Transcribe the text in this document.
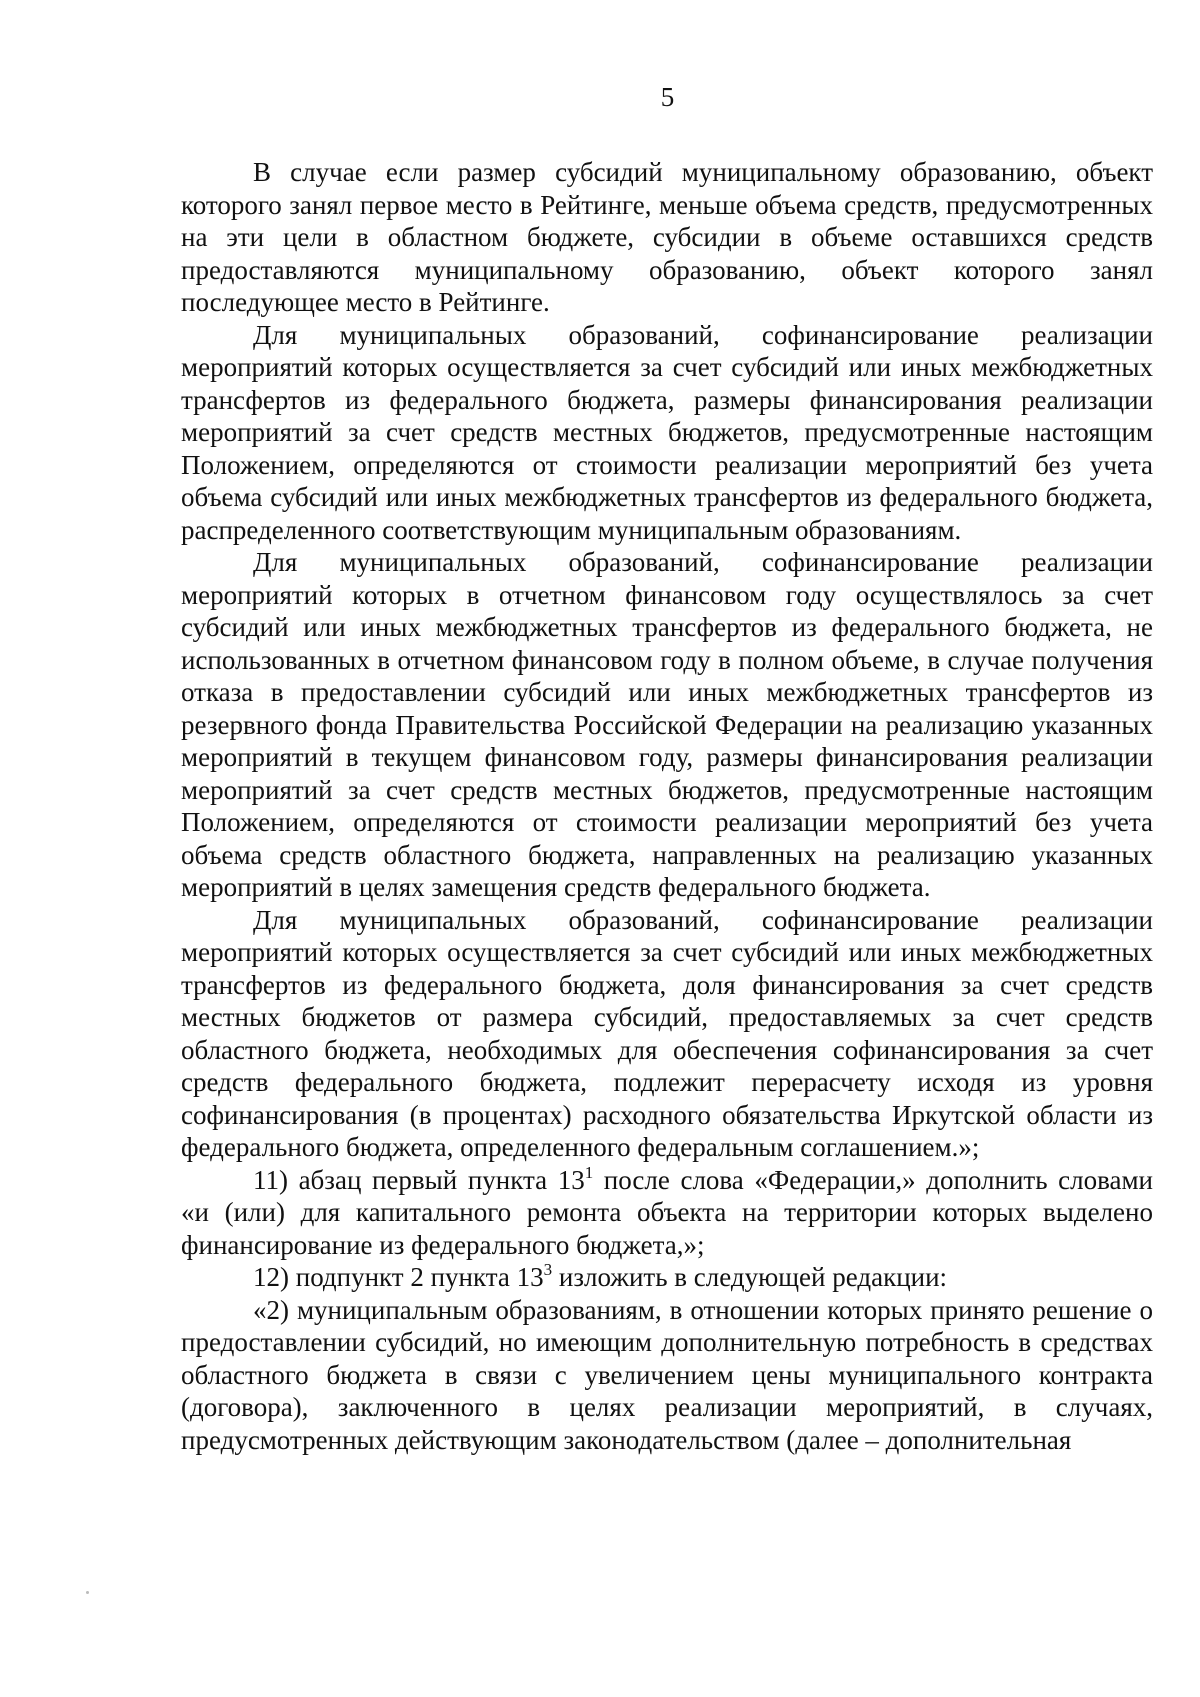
5

В случае если размер субсидий муниципальному образованию, объект которого занял первое место в Рейтинге, меньше объема средств, предусмотренных на эти цели в областном бюджете, субсидии в объеме оставшихся средств предоставляются муниципальному образованию, объект которого занял последующее место в Рейтинге.

Для муниципальных образований, софинансирование реализации мероприятий которых осуществляется за счет субсидий или иных межбюджетных трансфертов из федерального бюджета, размеры финансирования реализации мероприятий за счет средств местных бюджетов, предусмотренные настоящим Положением, определяются от стоимости реализации мероприятий без учета объема субсидий или иных межбюджетных трансфертов из федерального бюджета, распределенного соответствующим муниципальным образованиям.

Для муниципальных образований, софинансирование реализации мероприятий которых в отчетном финансовом году осуществлялось за счет субсидий или иных межбюджетных трансфертов из федерального бюджета, не использованных в отчетном финансовом году в полном объеме, в случае получения отказа в предоставлении субсидий или иных межбюджетных трансфертов из резервного фонда Правительства Российской Федерации на реализацию указанных мероприятий в текущем финансовом году, размеры финансирования реализации мероприятий за счет средств местных бюджетов, предусмотренные настоящим Положением, определяются от стоимости реализации мероприятий без учета объема средств областного бюджета, направленных на реализацию указанных мероприятий в целях замещения средств федерального бюджета.

Для муниципальных образований, софинансирование реализации мероприятий которых осуществляется за счет субсидий или иных межбюджетных трансфертов из федерального бюджета, доля финансирования за счет средств местных бюджетов от размера субсидий, предоставляемых за счет средств областного бюджета, необходимых для обеспечения софинансирования за счет средств федерального бюджета, подлежит перерасчету исходя из уровня софинансирования (в процентах) расходного обязательства Иркутской области из федерального бюджета, определенного федеральным соглашением.»;

11) абзац первый пункта $13^1$ после слова «Федерации,» дополнить словами «и (или) для капитального ремонта объекта на территории которых выделено финансирование из федерального бюджета,»;

12) подпункт 2 пункта $13^3$ изложить в следующей редакции:

«2) муниципальным образованиям, в отношении которых принято решение о предоставлении субсидий, но имеющим дополнительную потребность в средствах областного бюджета в связи с увеличением цены муниципального контракта (договора), заключенного в целях реализации мероприятий, в случаях, предусмотренных действующим законодательством (далее – дополнительная
